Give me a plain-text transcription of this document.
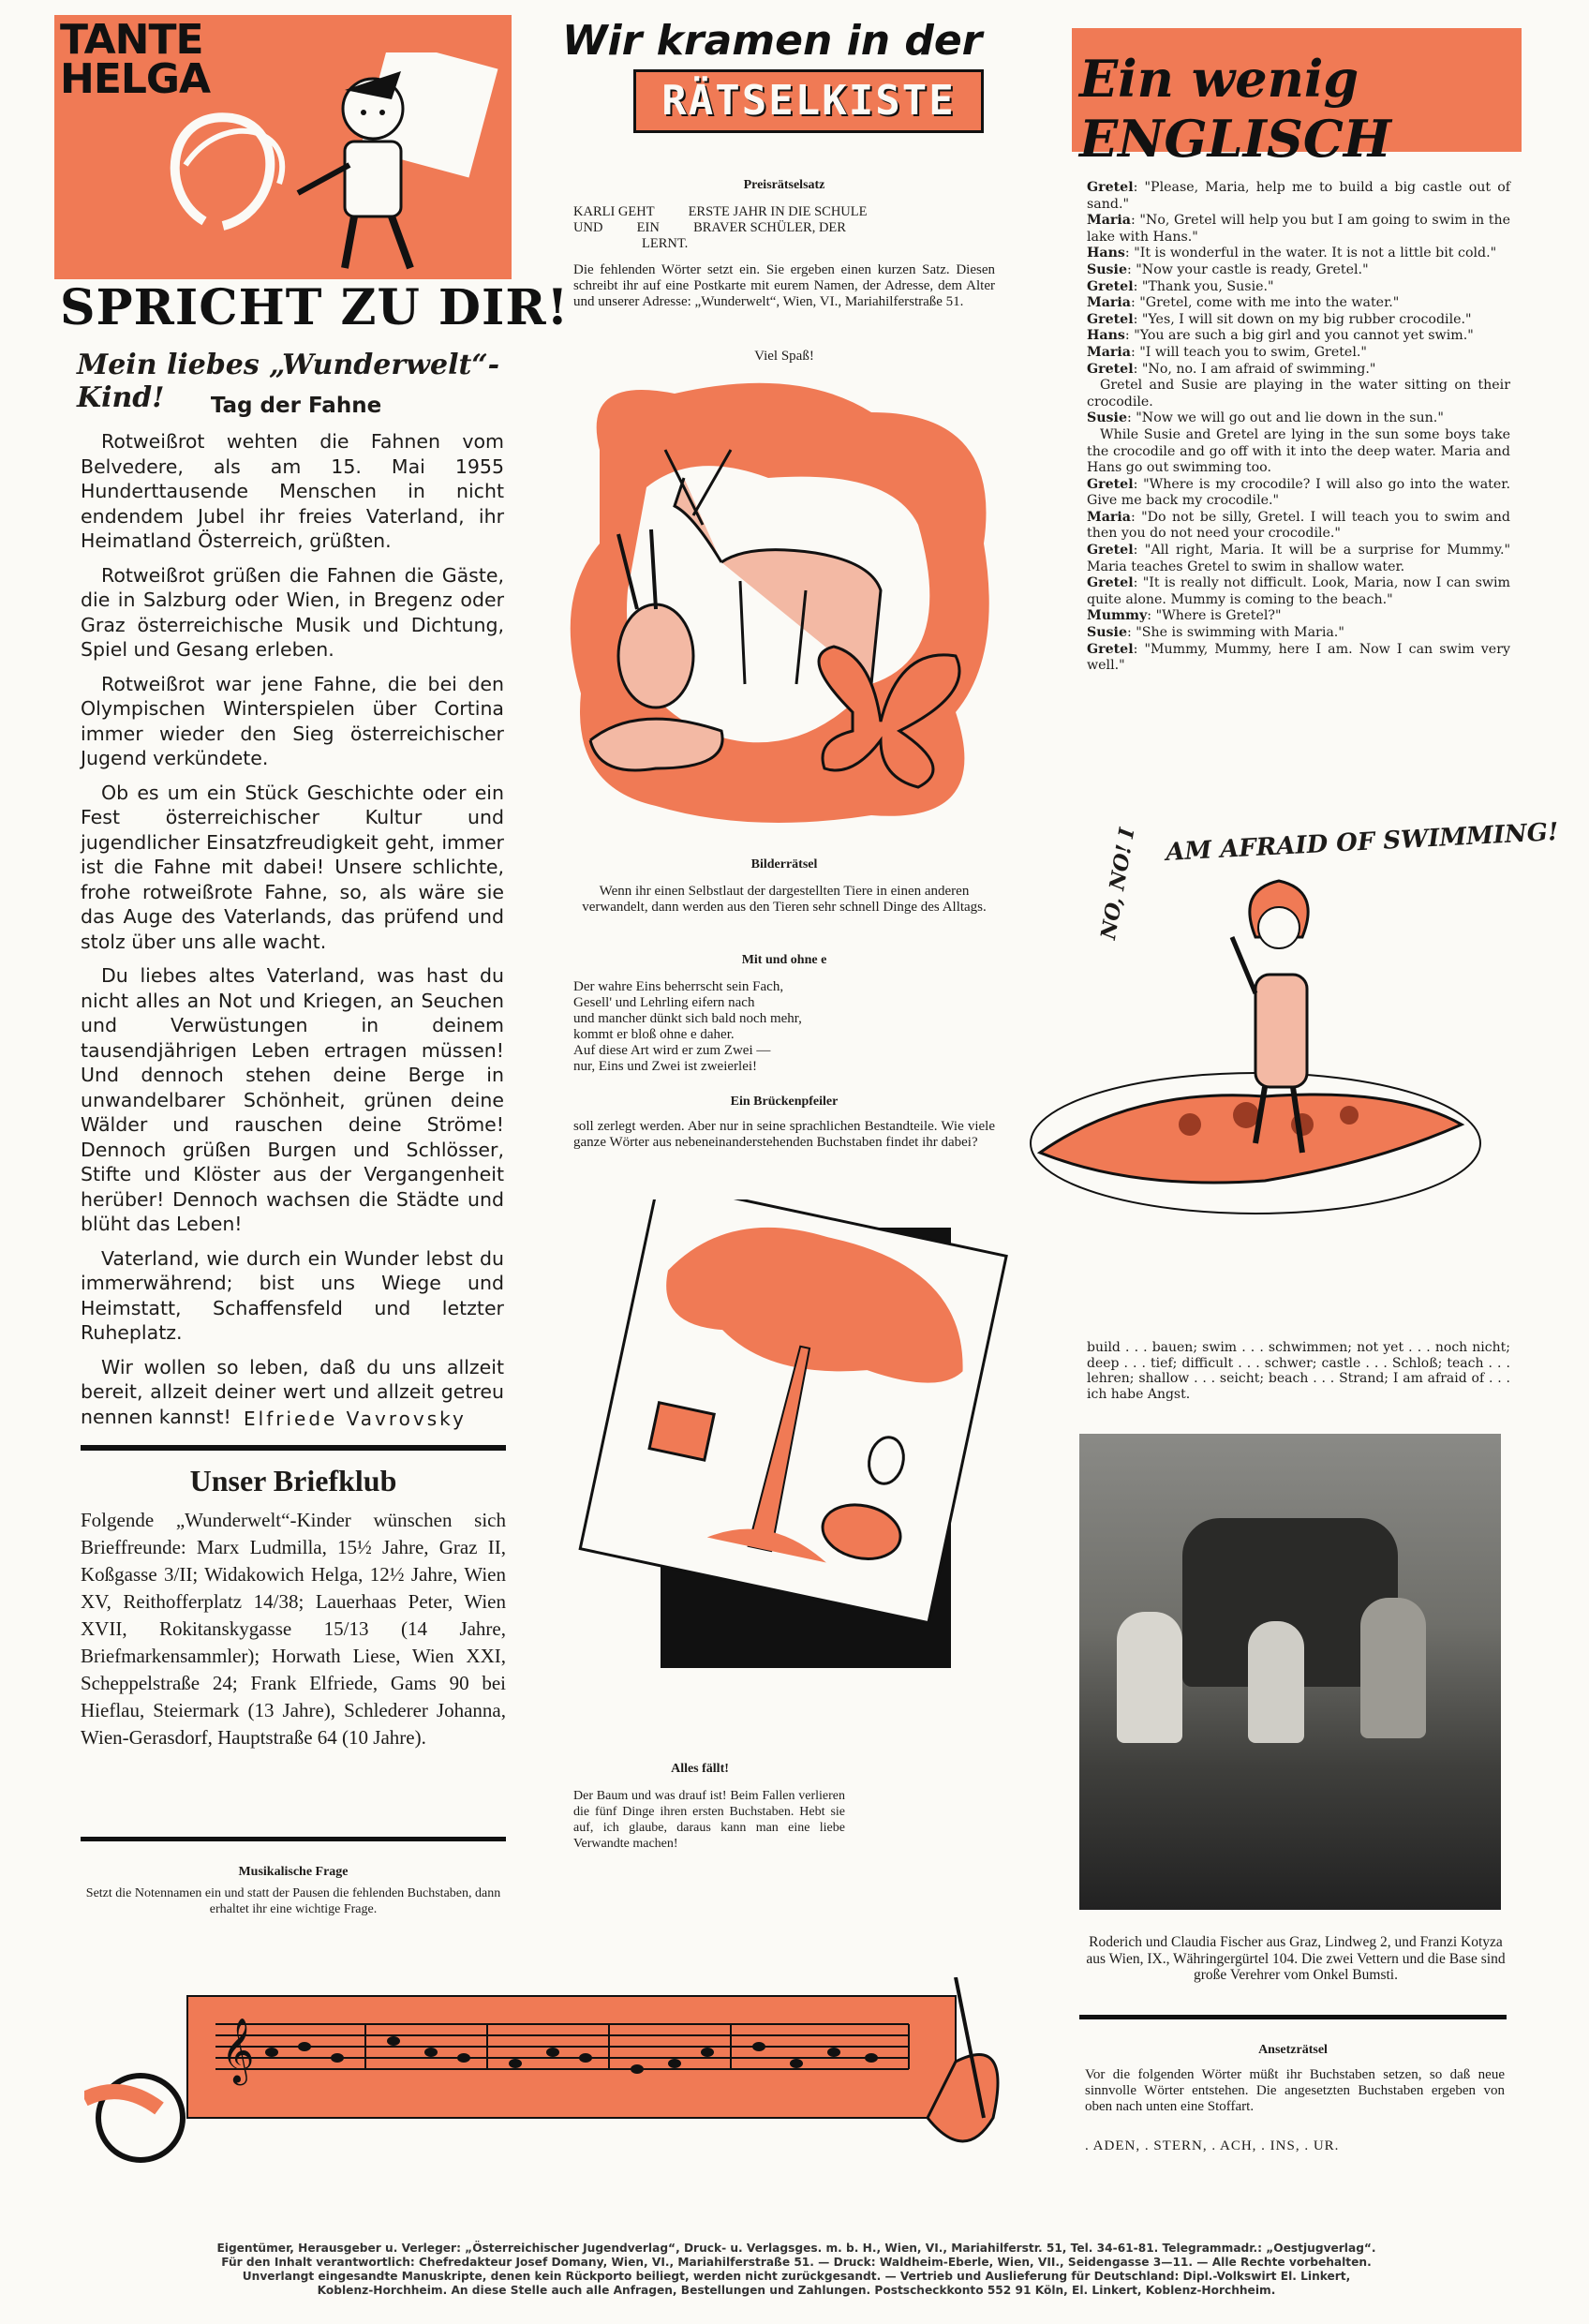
TANTE
HELGA
SPRICHT ZU DIR!
Mein liebes „Wunderwelt“-Kind!	Tag der Fahne

Rotweißrot wehten die Fahnen vom Belvedere, als am 15. Mai 1955 Hunderttausende Menschen in nicht endendem Jubel ihr freies Vaterland, ihr Heimatland Österreich, grüßten.

Rotweißrot grüßen die Fahnen die Gäste, die in Salzburg oder Wien, in Bregenz oder Graz österreichische Musik und Dichtung, Spiel und Gesang erleben.

Rotweißrot war jene Fahne, die bei den Olympischen Winterspielen über Cortina immer wieder den Sieg österreichischer Jugend verkündete.

Ob es um ein Stück Geschichte oder ein Fest österreichischer Kultur und jugendlicher Einsatzfreudigkeit geht, immer ist die Fahne mit dabei! Unsere schlichte, frohe rotweißrote Fahne, so, als wäre sie das Auge des Vaterlands, das prüfend und stolz über uns alle wacht.

Du liebes altes Vaterland, was hast du nicht alles an Not und Kriegen, an Seuchen und Verwüstungen in deinem tausendjährigen Leben ertragen müssen! Und dennoch stehen deine Berge in unwandelbarer Schönheit, grünen deine Wälder und rauschen deine Ströme! Dennoch grüßen Burgen und Schlösser, Stifte und Klöster aus der Vergangenheit herüber! Dennoch wachsen die Städte und blüht das Leben!

Vaterland, wie durch ein Wunder lebst du immerwährend; bist uns Wiege und Heimstatt, Schaffensfeld und letzter Ruheplatz.

Wir wollen so leben, daß du uns allzeit bereit, allzeit deiner wert und allzeit getreu nennen kannst! Elfriede Vavrovsky
Unser Briefklub
Folgende „Wunderwelt“-Kinder wünschen sich Brieffreunde: Marx Ludmilla, 15½ Jahre, Graz II, Koßgasse 3/II; Widakowich Helga, 12½ Jahre, Wien XV, Reithofferplatz 14/38; Lauerhaas Peter, Wien XVII, Rokitanskygasse 15/13 (14 Jahre, Briefmarkensammler); Horwath Liese, Wien XXI, Scheppelstraße 24; Frank Elfriede, Gams 90 bei Hieflau, Steiermark (13 Jahre), Schlederer Johanna, Wien-Gerasdorf, Hauptstraße 64 (10 Jahre).
Musikalische Frage
Setzt die Notennamen ein und statt der Pausen die fehlenden Buchstaben, dann erhaltet ihr eine wichtige Frage.
𝄞
Wir kramen in der
RÄTSELKISTE
Preisrätselsatz
KARLI GEHT          ERSTE JAHR IN DIE SCHULE
UND          EIN          BRAVER SCHÜLER, DER
LERNT.
Die fehlenden Wörter setzt ein. Sie ergeben einen kurzen Satz. Diesen schreibt ihr auf eine Postkarte mit eurem Namen, der Adresse, dem Alter und unserer Adresse: „Wunderwelt“, Wien, VI., Mariahilferstraße 51.
Viel Spaß!
Bilderrätsel
Wenn ihr einen Selbstlaut der dargestellten Tiere in einen anderen verwandelt, dann werden aus den Tieren sehr schnell Dinge des Alltags.
Mit und ohne e
Der wahre Eins beherrscht sein Fach,
Gesell' und Lehrling eifern nach
und mancher dünkt sich bald noch mehr,
kommt er bloß ohne e daher.
Auf diese Art wird er zum Zwei —
nur, Eins und Zwei ist zweierlei!
Ein Brückenpfeiler
soll zerlegt werden. Aber nur in seine sprachlichen Bestandteile. Wie viele ganze Wörter aus nebeneinanderstehenden Buchstaben findet ihr dabei?
Alles fällt!
Der Baum und was drauf ist! Beim Fallen verlieren die fünf Dinge ihren ersten Buchstaben. Hebt sie auf, ich glaube, daraus kann man eine liebe Verwandte machen!
Ein wenig ENGLISCH
Gretel: "Please, Maria, help me to build a big castle out of sand."
Maria: "No, Gretel will help you but I am going to swim in the lake with Hans."
Hans: "It is wonderful in the water. It is not a little bit cold."
Susie: "Now your castle is ready, Gretel."
Gretel: "Thank you, Susie."
Maria: "Gretel, come with me into the water."
Gretel: "Yes, I will sit down on my big rubber crocodile."
Hans: "You are such a big girl and you cannot yet swim."
Maria: "I will teach you to swim, Gretel."
Gretel: "No, no. I am afraid of swimming."
Gretel and Susie are playing in the water sitting on their crocodile.
Susie: "Now we will go out and lie down in the sun."
While Susie and Gretel are lying in the sun some boys take the crocodile and go off with it into the deep water. Maria and Hans go out swimming too.
Gretel: "Where is my crocodile? I will also go into the water. Give me back my crocodile."
Maria: "Do not be silly, Gretel. I will teach you to swim and then you do not need your crocodile."
Gretel: "All right, Maria. It will be a surprise for Mummy." Maria teaches Gretel to swim in shallow water.
Gretel: "It is really not difficult. Look, Maria, now I can swim quite alone. Mummy is coming to the beach."
Mummy: "Where is Gretel?"
Susie: "She is swimming with Maria."
Gretel: "Mummy, Mummy, here I am. Now I can swim very well."
AM AFRAID OF SWIMMING!
NO, NO! I
build . . . bauen; swim . . . schwimmen; not yet . . . noch nicht; deep . . . tief; difficult . . . schwer; castle . . . Schloß; teach . . . lehren; shallow . . . seicht; beach . . . Strand; I am afraid of . . . ich habe Angst.
Roderich und Claudia Fischer aus Graz, Lindweg 2, und Franzi Kotyza aus Wien, IX., Währingergürtel 104. Die zwei Vettern und die Base sind große Verehrer vom Onkel Bumsti.
Ansetzrätsel
Vor die folgenden Wörter müßt ihr Buchstaben setzen, so daß neue sinnvolle Wörter entstehen. Die angesetzten Buchstaben ergeben von oben nach unten eine Stoffart.
. ADEN, . STERN, . ACH, . INS, . UR.
Eigentümer, Herausgeber u. Verleger: „Österreichischer Jugendverlag“, Druck- u. Verlagsges. m. b. H., Wien, VI., Mariahilferstr. 51, Tel. 34-61-81. Telegrammadr.: „Oestjugverlag“.
Für den Inhalt verantwortlich: Chefredakteur Josef Domany, Wien, VI., Mariahilferstraße 51. — Druck: Waldheim-Eberle, Wien, VII., Seidengasse 3—11. — Alle Rechte vorbehalten.
Unverlangt eingesandte Manuskripte, denen kein Rückporto beiliegt, werden nicht zurückgesandt. — Vertrieb und Auslieferung für Deutschland: Dipl.-Volkswirt El. Linkert,
Koblenz-Horchheim. An diese Stelle auch alle Anfragen, Bestellungen und Zahlungen. Postscheckkonto 552 91 Köln, El. Linkert, Koblenz-Horchheim.
